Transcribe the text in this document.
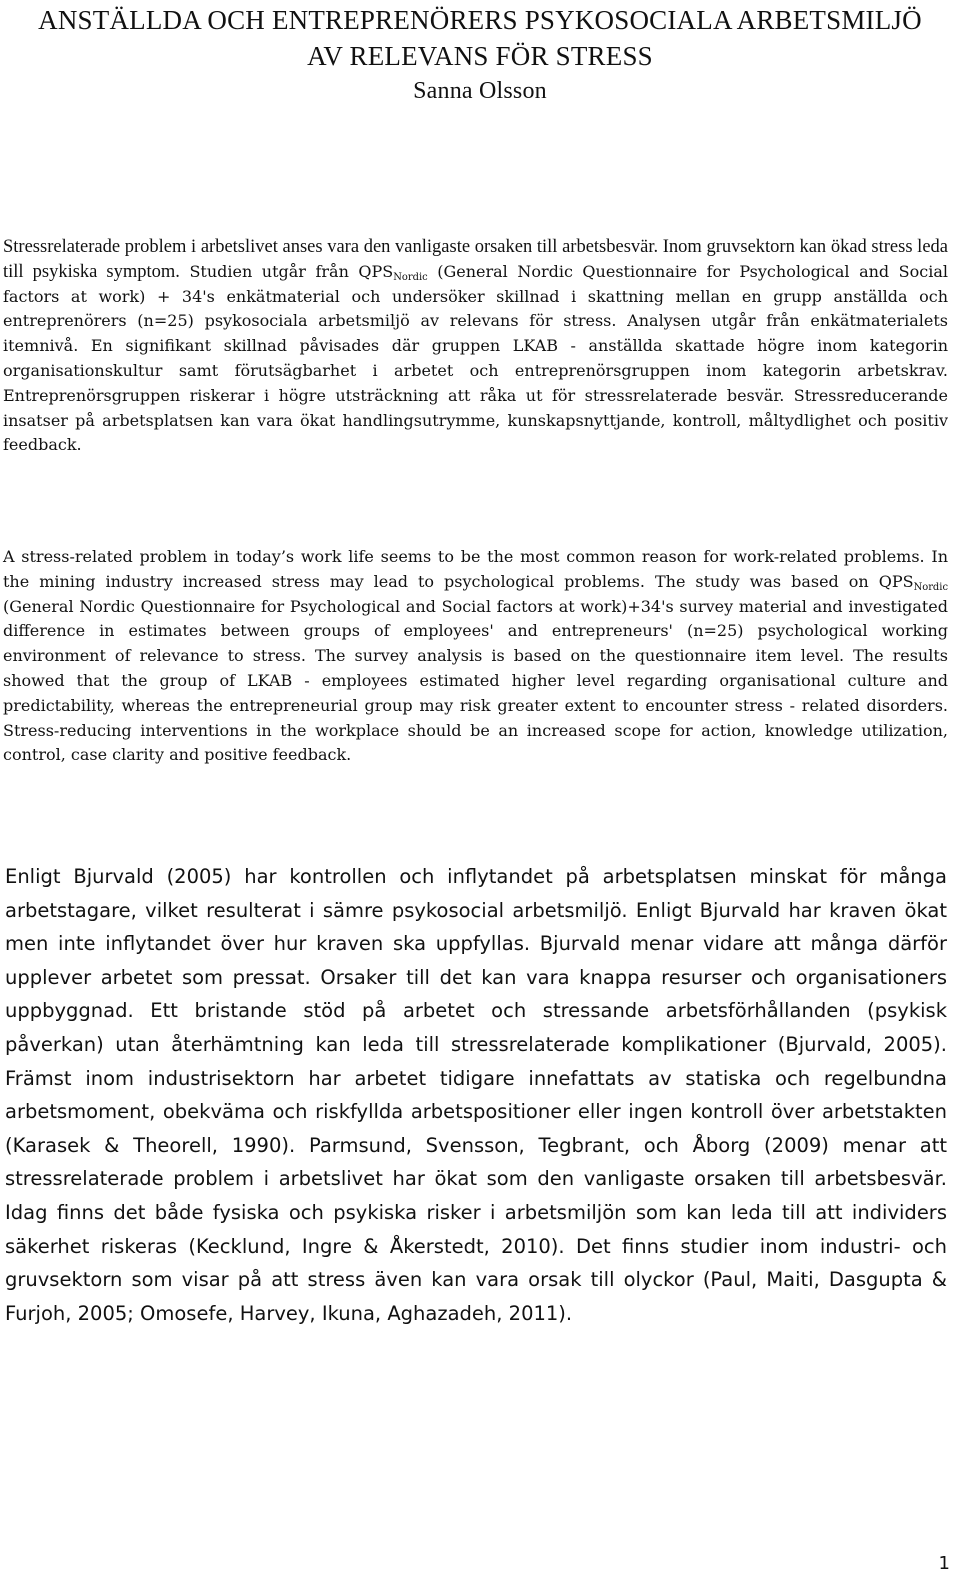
ANSTÄLLDA OCH ENTREPRENÖRERS PSYKOSOCIALA ARBETSMILJÖ
AV RELEVANS FÖR STRESS
Sanna Olsson

Stressrelaterade problem i arbetslivet anses vara den vanligaste orsaken till arbetsbesvär. Inom gruvsektorn kan ökad stress leda till psykiska symptom. Studien utgår från $QPS_{Nordic}$ (General Nordic Questionnaire for Psychological and Social factors at work) + 34's enkätmaterial och undersöker skillnad i skattning mellan en grupp anställda och entreprenörers (n=25) psykosociala arbetsmiljö av relevans för stress. Analysen utgår från enkätmaterialets itemnivå. En signifikant skillnad påvisades där gruppen LKAB - anställda skattade högre inom kategorin organisationskultur samt förutsägbarhet i arbetet och entreprenörsgruppen inom kategorin arbetskrav. Entreprenörsgruppen riskerar i högre utsträckning att råka ut för stressrelaterade besvär. Stressreducerande insatser på arbetsplatsen kan vara ökat handlingsutrymme, kunskapsnyttjande, kontroll, måltydlighet och positiv feedback.

A stress-related problem in today’s work life seems to be the most common reason for work-related problems. In the mining industry increased stress may lead to psychological problems. The study was based on $QPS_{Nordic}$ (General Nordic Questionnaire for Psychological and Social factors at work)+34's survey material and investigated difference in estimates between groups of employees' and entrepreneurs' (n=25) psychological working environment of relevance to stress. The survey analysis is based on the questionnaire item level. The results showed that the group of LKAB - employees estimated higher level regarding organisational culture and predictability, whereas the entrepreneurial group may risk greater extent to encounter stress - related disorders. Stress-reducing interventions in the workplace should be an increased scope for action, knowledge utilization, control, case clarity and positive feedback.

Enligt Bjurvald (2005) har kontrollen och inflytandet på arbetsplatsen minskat för många arbetstagare, vilket resulterat i sämre psykosocial arbetsmiljö. Enligt Bjurvald har kraven ökat men inte inflytandet över hur kraven ska uppfyllas. Bjurvald menar vidare att många därför upplever arbetet som pressat. Orsaker till det kan vara knappa resurser och organisationers uppbyggnad. Ett bristande stöd på arbetet och stressande arbetsförhållanden (psykisk påverkan) utan återhämtning kan leda till stressrelaterade komplikationer (Bjurvald, 2005). Främst inom industrisektorn har arbetet tidigare innefattats av statiska och regelbundna arbetsmoment, obekväma och riskfyllda arbetspositioner eller ingen kontroll över arbetstakten (Karasek & Theorell, 1990). Parmsund, Svensson, Tegbrant, och Åborg (2009) menar att stressrelaterade problem i arbetslivet har ökat som den vanligaste orsaken till arbetsbesvär. Idag finns det både fysiska och psykiska risker i arbetsmiljön som kan leda till att individers säkerhet riskeras (Kecklund, Ingre & Åkerstedt, 2010). Det finns studier inom industri- och gruvsektorn som visar på att stress även kan vara orsak till olyckor (Paul, Maiti, Dasgupta & Furjoh, 2005; Omosefe, Harvey, Ikuna, Aghazadeh, 2011).

1
